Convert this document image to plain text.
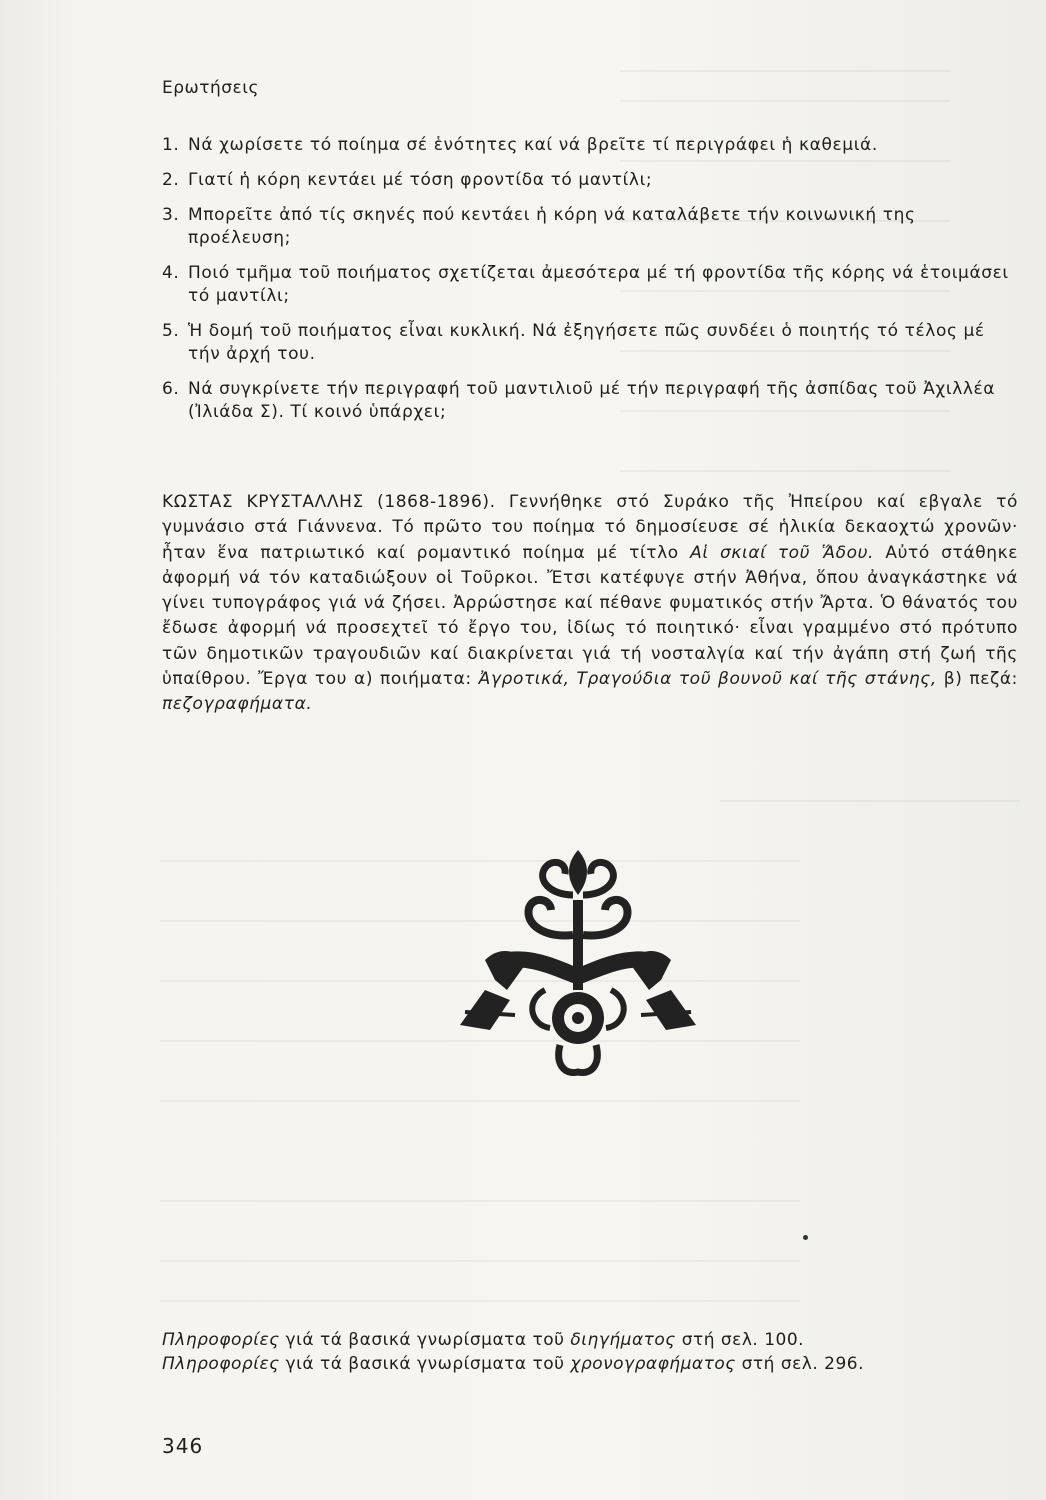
Ερωτήσεις
1. Νά χωρίσετε τό ποίημα σέ ἑνότητες καί νά βρεῖτε τί περιγράφει ἡ καθεμιά.
2. Γιατί ἡ κόρη κεντάει μέ τόση φροντίδα τό μαντίλι;
3. Μπορεῖτε ἀπό τίς σκηνές πού κεντάει ἡ κόρη νά καταλάβετε τήν κοινωνική της προέλευση;
4. Ποιό τμῆμα τοῦ ποιήματος σχετίζεται ἀμεσότερα μέ τή φροντίδα τῆς κόρης νά ἑτοιμάσει τό μαντίλι;
5. Ἡ δομή τοῦ ποιήματος εἶναι κυκλική. Νά ἐξηγήσετε πῶς συνδέει ὁ ποιητής τό τέλος μέ τήν ἀρχή του.
6. Νά συγκρίνετε τήν περιγραφή τοῦ μαντιλιοῦ μέ τήν περιγραφή τῆς ἀσπίδας τοῦ Ἀχιλλέα (Ἰλιάδα Σ). Τί κοινό ὑπάρχει;

ΚΩΣΤΑΣ ΚΡΥΣΤΑΛΛΗΣ (1868-1896). Γεννήθηκε στό Συράκο τῆς Ἠπείρου καί εβγαλε τό γυμνάσιο στά Γιάννενα. Τό πρῶτο του ποίημα τό δημοσίευσε σέ ἡλικία δεκαοχτώ χρονῶν· ἦταν ἕνα πατριωτικό καί ρομαντικό ποίημα μέ τίτλο Αἱ σκιαί τοῦ Ἅδου. Αὐτό στάθηκε ἀφορμή νά τόν καταδιώξουν οἱ Τοῦρκοι. Ἔτσι κατέφυγε στήν Ἀθήνα, ὅπου ἀναγκάστηκε νά γίνει τυπογράφος γιά νά ζήσει. Ἀρρώστησε καί πέθανε φυματικός στήν Ἄρτα. Ὁ θάνατός του ἔδωσε ἀφορμή νά προσεχτεῖ τό ἔργο του, ἰδίως τό ποιητικό· εἶναι γραμμένο στό πρότυπο τῶν δημοτικῶν τραγουδιῶν καί διακρίνεται γιά τή νοσταλγία καί τήν ἀγάπη στή ζωή τῆς ὑπαίθρου. Ἔργα του α) ποιήματα: Ἀγροτικά, Τραγούδια τοῦ βουνοῦ καί τῆς στάνης, β) πεζά: πεζογραφήματα.

Πληροφορίες γιά τά βασικά γνωρίσματα τοῦ διηγήματος στή σελ. 100.
Πληροφορίες γιά τά βασικά γνωρίσματα τοῦ χρονογραφήματος στή σελ. 296.
346
